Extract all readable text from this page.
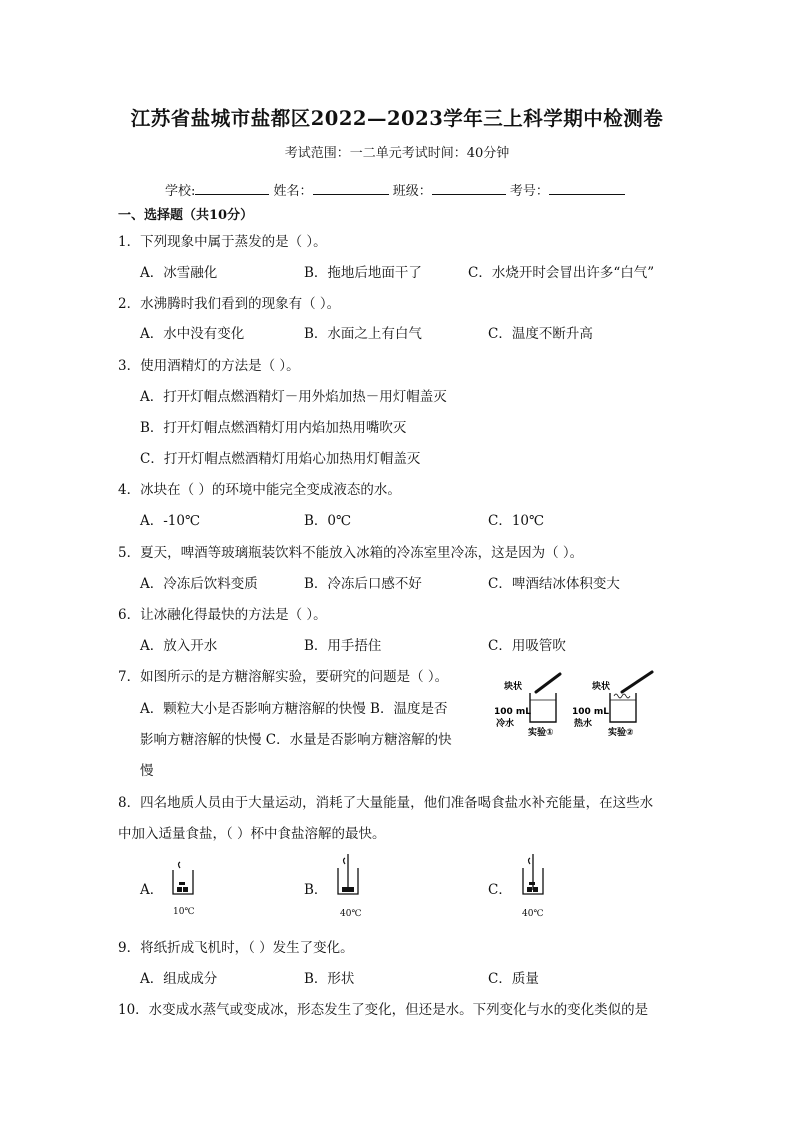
江苏省盐城市盐都区2022—2023学年三上科学期中检测卷
考试范围：一二单元考试时间：40分钟
学校:	姓名：	班级：	考号：
一、选择题（共10分）
1．下列现象中属于蒸发的是（ ）。
A．冰雪融化	B．拖地后地面干了	C．水烧开时会冒出许多“白气”
2．水沸腾时我们看到的现象有（ ）。
A．水中没有变化	B．水面之上有白气	C．温度不断升高
3．使用酒精灯的方法是（ ）。
A．打开灯帽点燃酒精灯－用外焰加热－用灯帽盖灭
B．打开灯帽点燃酒精灯用内焰加热用嘴吹灭
C．打开灯帽点燃酒精灯用焰心加热用灯帽盖灭
4．冰块在（ ）的环境中能完全变成液态的水。
A．-10℃	B．0℃	C．10℃
5．夏天，啤酒等玻璃瓶装饮料不能放入冰箱的冷冻室里冷冻，这是因为（ ）。
A．冷冻后饮料变质	B．冷冻后口感不好	C．啤酒结冰体积变大
6．让冰融化得最快的方法是（ ）。
A．放入开水	B．用手捂住	C．用吸管吹
7．如图所示的是方糖溶解实验，要研究的问题是（ ）。
A．颗粒大小是否影响方糖溶解的快慢 B．温度是否
影响方糖溶解的快慢 C．水量是否影响方糖溶解的快
慢
块状
100 mL
冷水
实验①
块状
100 mL
热水
实验②
8．四名地质人员由于大量运动，消耗了大量能量，他们准备喝食盐水补充能量，在这些水
中加入适量食盐，（ ）杯中食盐溶解的最快。
A．
10℃
B．
40℃
C．
40℃
9．将纸折成飞机时，（ ）发生了变化。
A．组成成分	B．形状	C．质量
10．水变成水蒸气或变成冰，形态发生了变化，但还是水。下列变化与水的变化类似的是
